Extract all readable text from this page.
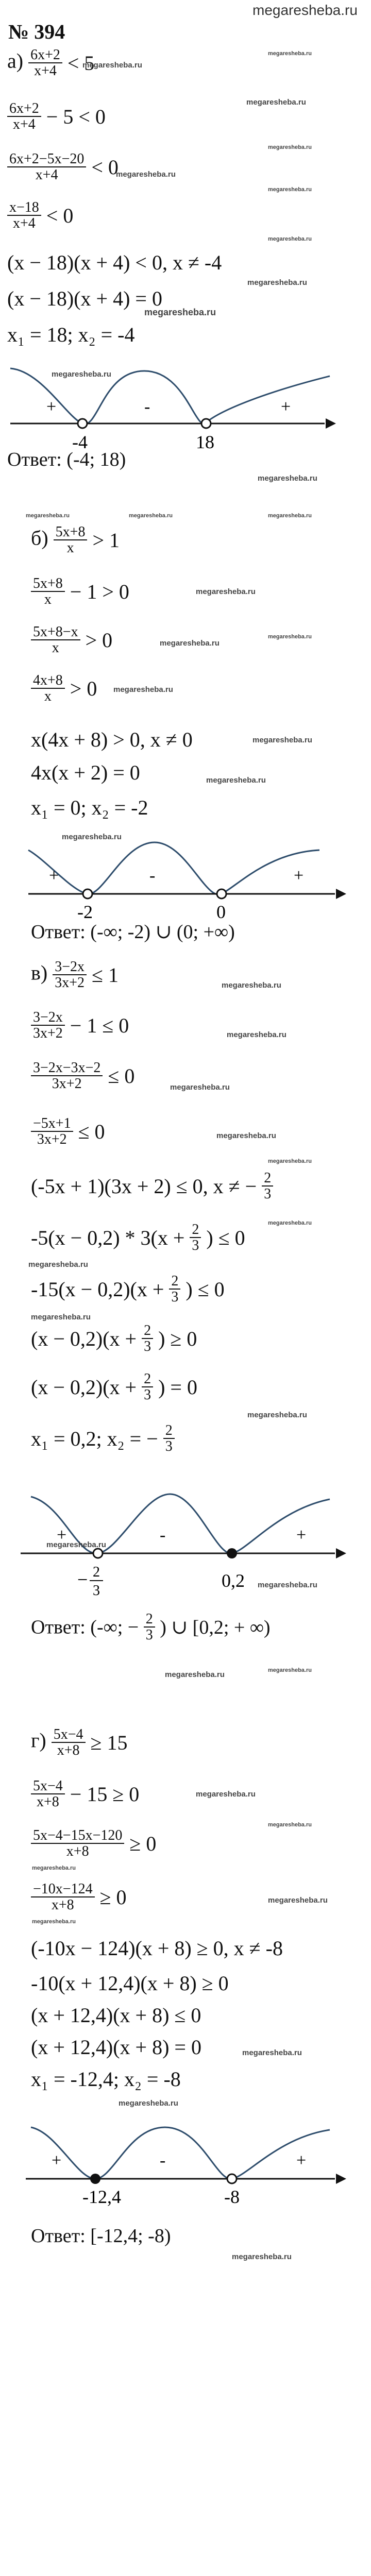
megaresheba.ru
№ 394
$а) \frac{6x+2}{x+4} < 5$
$\frac{6x+2}{x+4} - 5 < 0$
$\frac{6x+2-5x-20}{x+4} < 0$
$\frac{x-18}{x+4} < 0$
(x − 18)(x + 4) < 0, x ≠ -4
(x − 18)(x + 4) = 0
x₁ = 18; x₂ = -4
+	-	+
-4	18
Ответ: (-4; 18)
$б) \frac{5x+8}{x} > 1$
$\frac{5x+8}{x} - 1 > 0$
$\frac{5x+8-x}{x} > 0$
$\frac{4x+8}{x} > 0$
x(4x + 8) > 0, x ≠ 0
4x(x + 2) = 0
x₁ = 0; x₂ = -2
+	-	+
-2	0
Ответ: (-∞; -2) ∪ (0; +∞)
$в) \frac{3-2x}{3x+2} \le 1$
$\frac{3-2x}{3x+2} - 1 \le 0$
$\frac{3-2x-3x-2}{3x+2} \le 0$
$\frac{-5x+1}{3x+2} \le 0$
(-5x + 1)(3x + 2) ≤ 0, x ≠ − $\frac{2}{3}$
$-5(x - 0,2) * 3(x + \frac{2}{3}$ ) ≤ 0
$-15(x - 0,2)(x + \frac{2}{3}$ ) ≤ 0
$(x - 0,2)(x + \frac{2}{3}$ ) ≥ 0
$(x - 0,2)(x + \frac{2}{3}$ ) = 0
x₁ = 0,2; x₂ = − $\frac{2}{3}$
+	-	+
− 2
3	0,2
Ответ: (-∞; − $\frac{2}{3}$ ) ∪ [0,2; + ∞)
$г) \frac{5x-4}{x+8} \ge 15$
$\frac{5x-4}{x+8} - 15 \ge 0$
$\frac{5x-4-15x-120}{x+8} \ge 0$
$\frac{-10x-124}{x+8} \ge 0$
(-10x − 124)(x + 8) ≥ 0, x ≠ -8
-10(x + 12,4)(x + 8) ≥ 0
(x + 12,4)(x + 8) ≤ 0
(x + 12,4)(x + 8) = 0
x₁ = -12,4; x₂ = -8
+	-	+
-12,4	-8
Ответ: [-12,4; -8)
megaresheba.ru
megaresheba.ru
megaresheba.ru
megaresheba.ru
megaresheba.ru
megaresheba.ru
megaresheba.ru
megaresheba.ru
megaresheba.ru
megaresheba.ru
megaresheba.ru
megaresheba.ru	megaresheba.ru	megaresheba.ru
megaresheba.ru
megaresheba.ru
megaresheba.ru
megaresheba.ru
megaresheba.ru
megaresheba.ru
megaresheba.ru
megaresheba.ru
megaresheba.ru
megaresheba.ru
megaresheba.ru
megaresheba.ru
megaresheba.ru
megaresheba.ru
megaresheba.ru
megaresheba.ru
megaresheba.ru
megaresheba.ru
megaresheba.ru
megaresheba.ru
megaresheba.ru
megaresheba.ru
megaresheba.ru
megaresheba.ru
megaresheba.ru
megaresheba.ru
megaresheba.ru
megaresheba.ru
